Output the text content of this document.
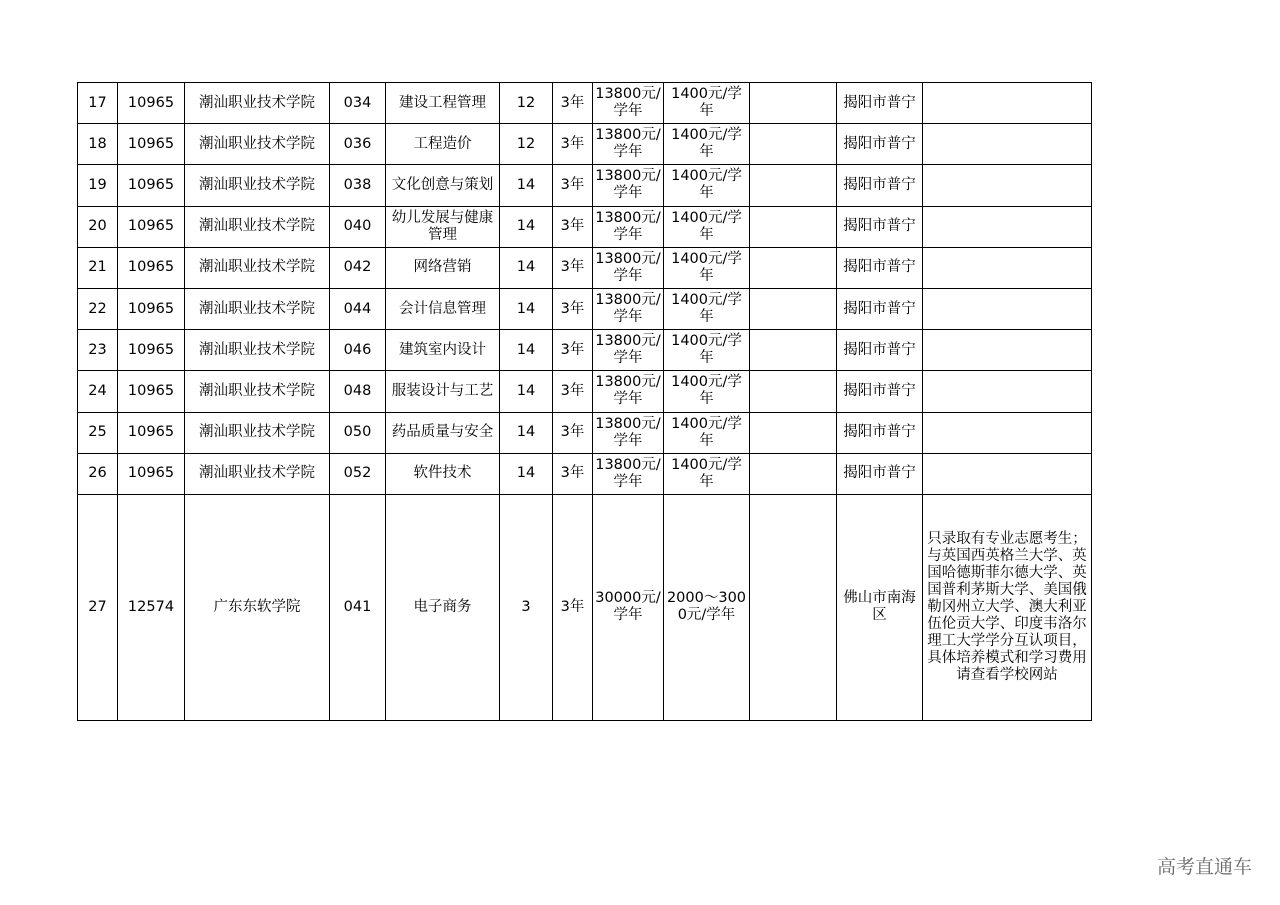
17	10965	潮汕职业技术学院	034	建设工程管理	12	3年	13800元/学年	1400元/学年		揭阳市普宁	
18	10965	潮汕职业技术学院	036	工程造价	12	3年	13800元/学年	1400元/学年		揭阳市普宁	
19	10965	潮汕职业技术学院	038	文化创意与策划	14	3年	13800元/学年	1400元/学年		揭阳市普宁	
20	10965	潮汕职业技术学院	040	幼儿发展与健康管理	14	3年	13800元/学年	1400元/学年		揭阳市普宁	
21	10965	潮汕职业技术学院	042	网络营销	14	3年	13800元/学年	1400元/学年		揭阳市普宁	
22	10965	潮汕职业技术学院	044	会计信息管理	14	3年	13800元/学年	1400元/学年		揭阳市普宁	
23	10965	潮汕职业技术学院	046	建筑室内设计	14	3年	13800元/学年	1400元/学年		揭阳市普宁	
24	10965	潮汕职业技术学院	048	服装设计与工艺	14	3年	13800元/学年	1400元/学年		揭阳市普宁	
25	10965	潮汕职业技术学院	050	药品质量与安全	14	3年	13800元/学年	1400元/学年		揭阳市普宁	
26	10965	潮汕职业技术学院	052	软件技术	14	3年	13800元/学年	1400元/学年		揭阳市普宁	
27	12574	广东东软学院	041	电子商务	3	3年	30000元/学年	2000～3000元/学年		佛山市南海区	只录取有专业志愿考生；与英国西英格兰大学、英国哈德斯菲尔德大学、英国普利茅斯大学、美国俄勒冈州立大学、澳大利亚伍伦贡大学、印度韦洛尔理工大学学分互认项目，具体培养模式和学习费用请查看学校网站
高考直通车
